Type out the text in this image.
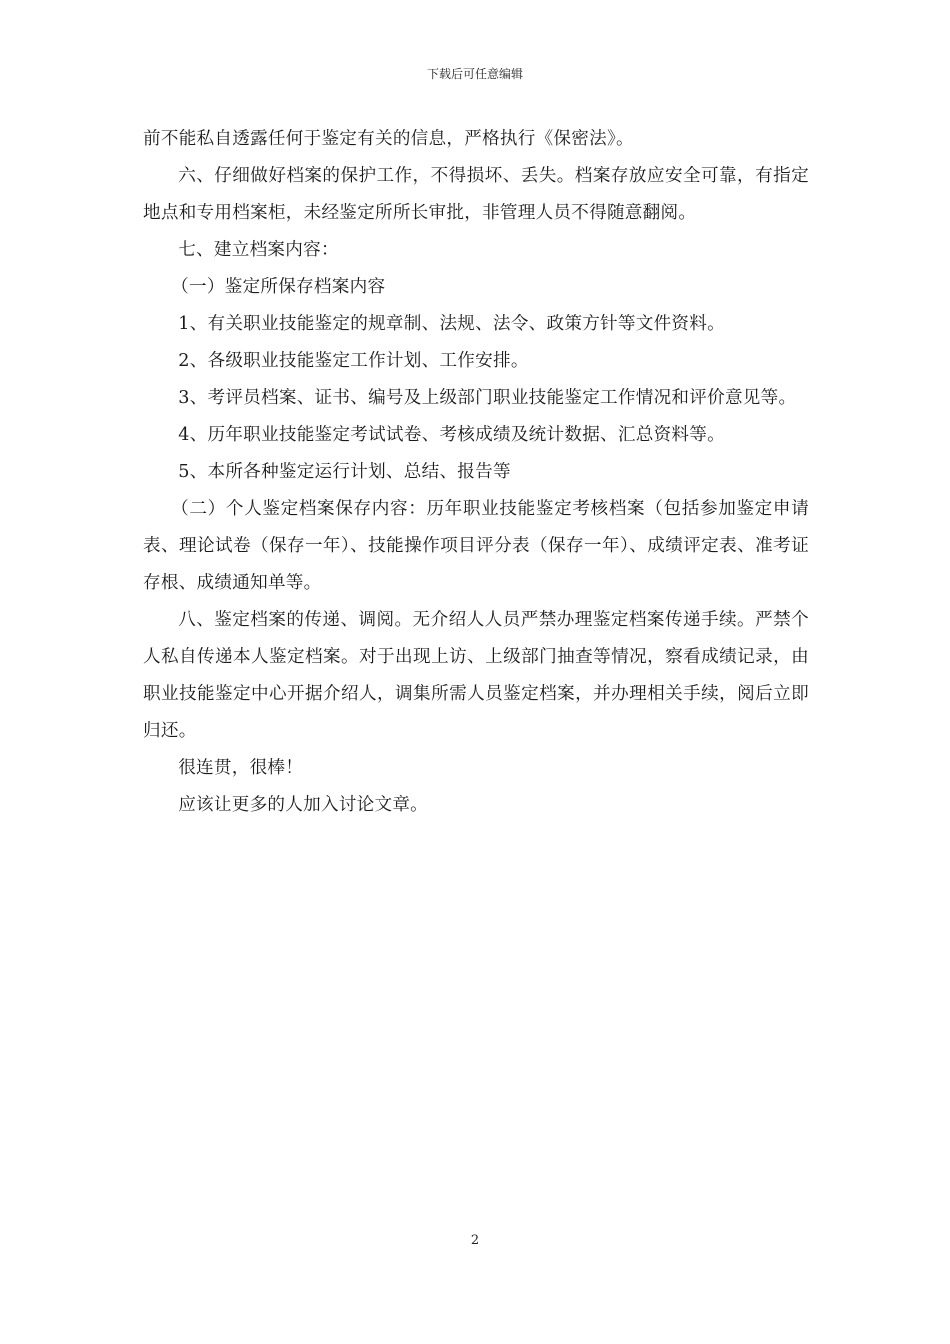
下载后可任意编辑

前不能私自透露任何于鉴定有关的信息，严格执行《保密法》。

六、仔细做好档案的保护工作，不得损坏、丢失。档案存放应安全可靠，有指定地点和专用档案柜，未经鉴定所所长审批，非管理人员不得随意翻阅。

七、建立档案内容：

（一）鉴定所保存档案内容

1、有关职业技能鉴定的规章制、法规、法令、政策方针等文件资料。

2、各级职业技能鉴定工作计划、工作安排。

3、考评员档案、证书、编号及上级部门职业技能鉴定工作情况和评价意见等。

4、历年职业技能鉴定考试试卷、考核成绩及统计数据、汇总资料等。

5、本所各种鉴定运行计划、总结、报告等

（二）个人鉴定档案保存内容：历年职业技能鉴定考核档案（包括参加鉴定申请表、理论试卷（保存一年）、技能操作项目评分表（保存一年）、成绩评定表、准考证存根、成绩通知单等。

八、鉴定档案的传递、调阅。无介绍人人员严禁办理鉴定档案传递手续。严禁个人私自传递本人鉴定档案。对于出现上访、上级部门抽查等情况，察看成绩记录，由职业技能鉴定中心开据介绍人，调集所需人员鉴定档案，并办理相关手续，阅后立即归还。

很连贯，很棒！

应该让更多的人加入讨论文章。

2
